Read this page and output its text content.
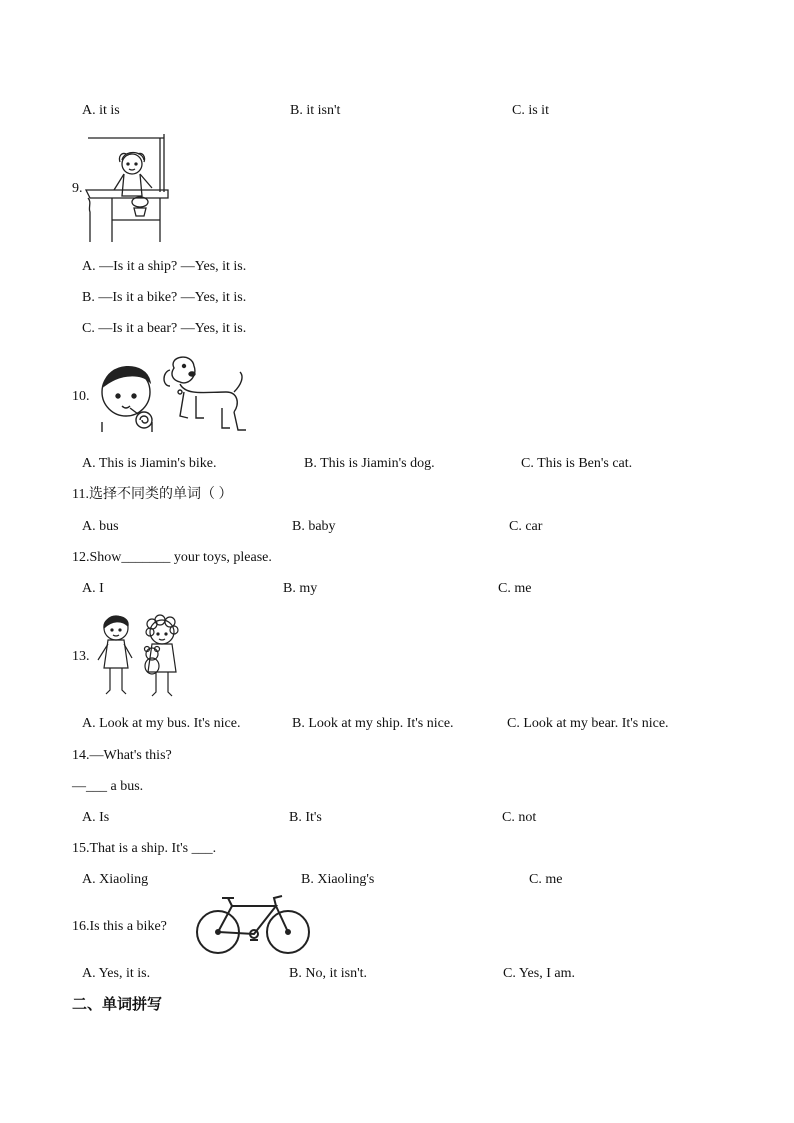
A. it is	B. it isn't	C. is it
9.
A. —Is it a ship? —Yes, it is.
B. —Is it a bike? —Yes, it is.
C. —Is it a bear? —Yes, it is.
10.
A. This is Jiamin's bike.	B. This is Jiamin's dog.	C. This is Ben's cat.
11.选择不同类的单词（ ）
A. bus	B. baby	C. car
12.Show_______ your toys, please.
A. I	B. my	C. me
13.
A. Look at my bus. It's nice.	B. Look at my ship. It's nice.	C. Look at my bear. It's nice.
14.—What's this?
—___ a bus.
A. Is	B. It's	C. not
15.That is a ship. It's ___.
A. Xiaoling	B. Xiaoling's	C. me
16.Is this a bike?
A. Yes, it is.	B. No, it isn't.	C. Yes, I am.
二、单词拼写
